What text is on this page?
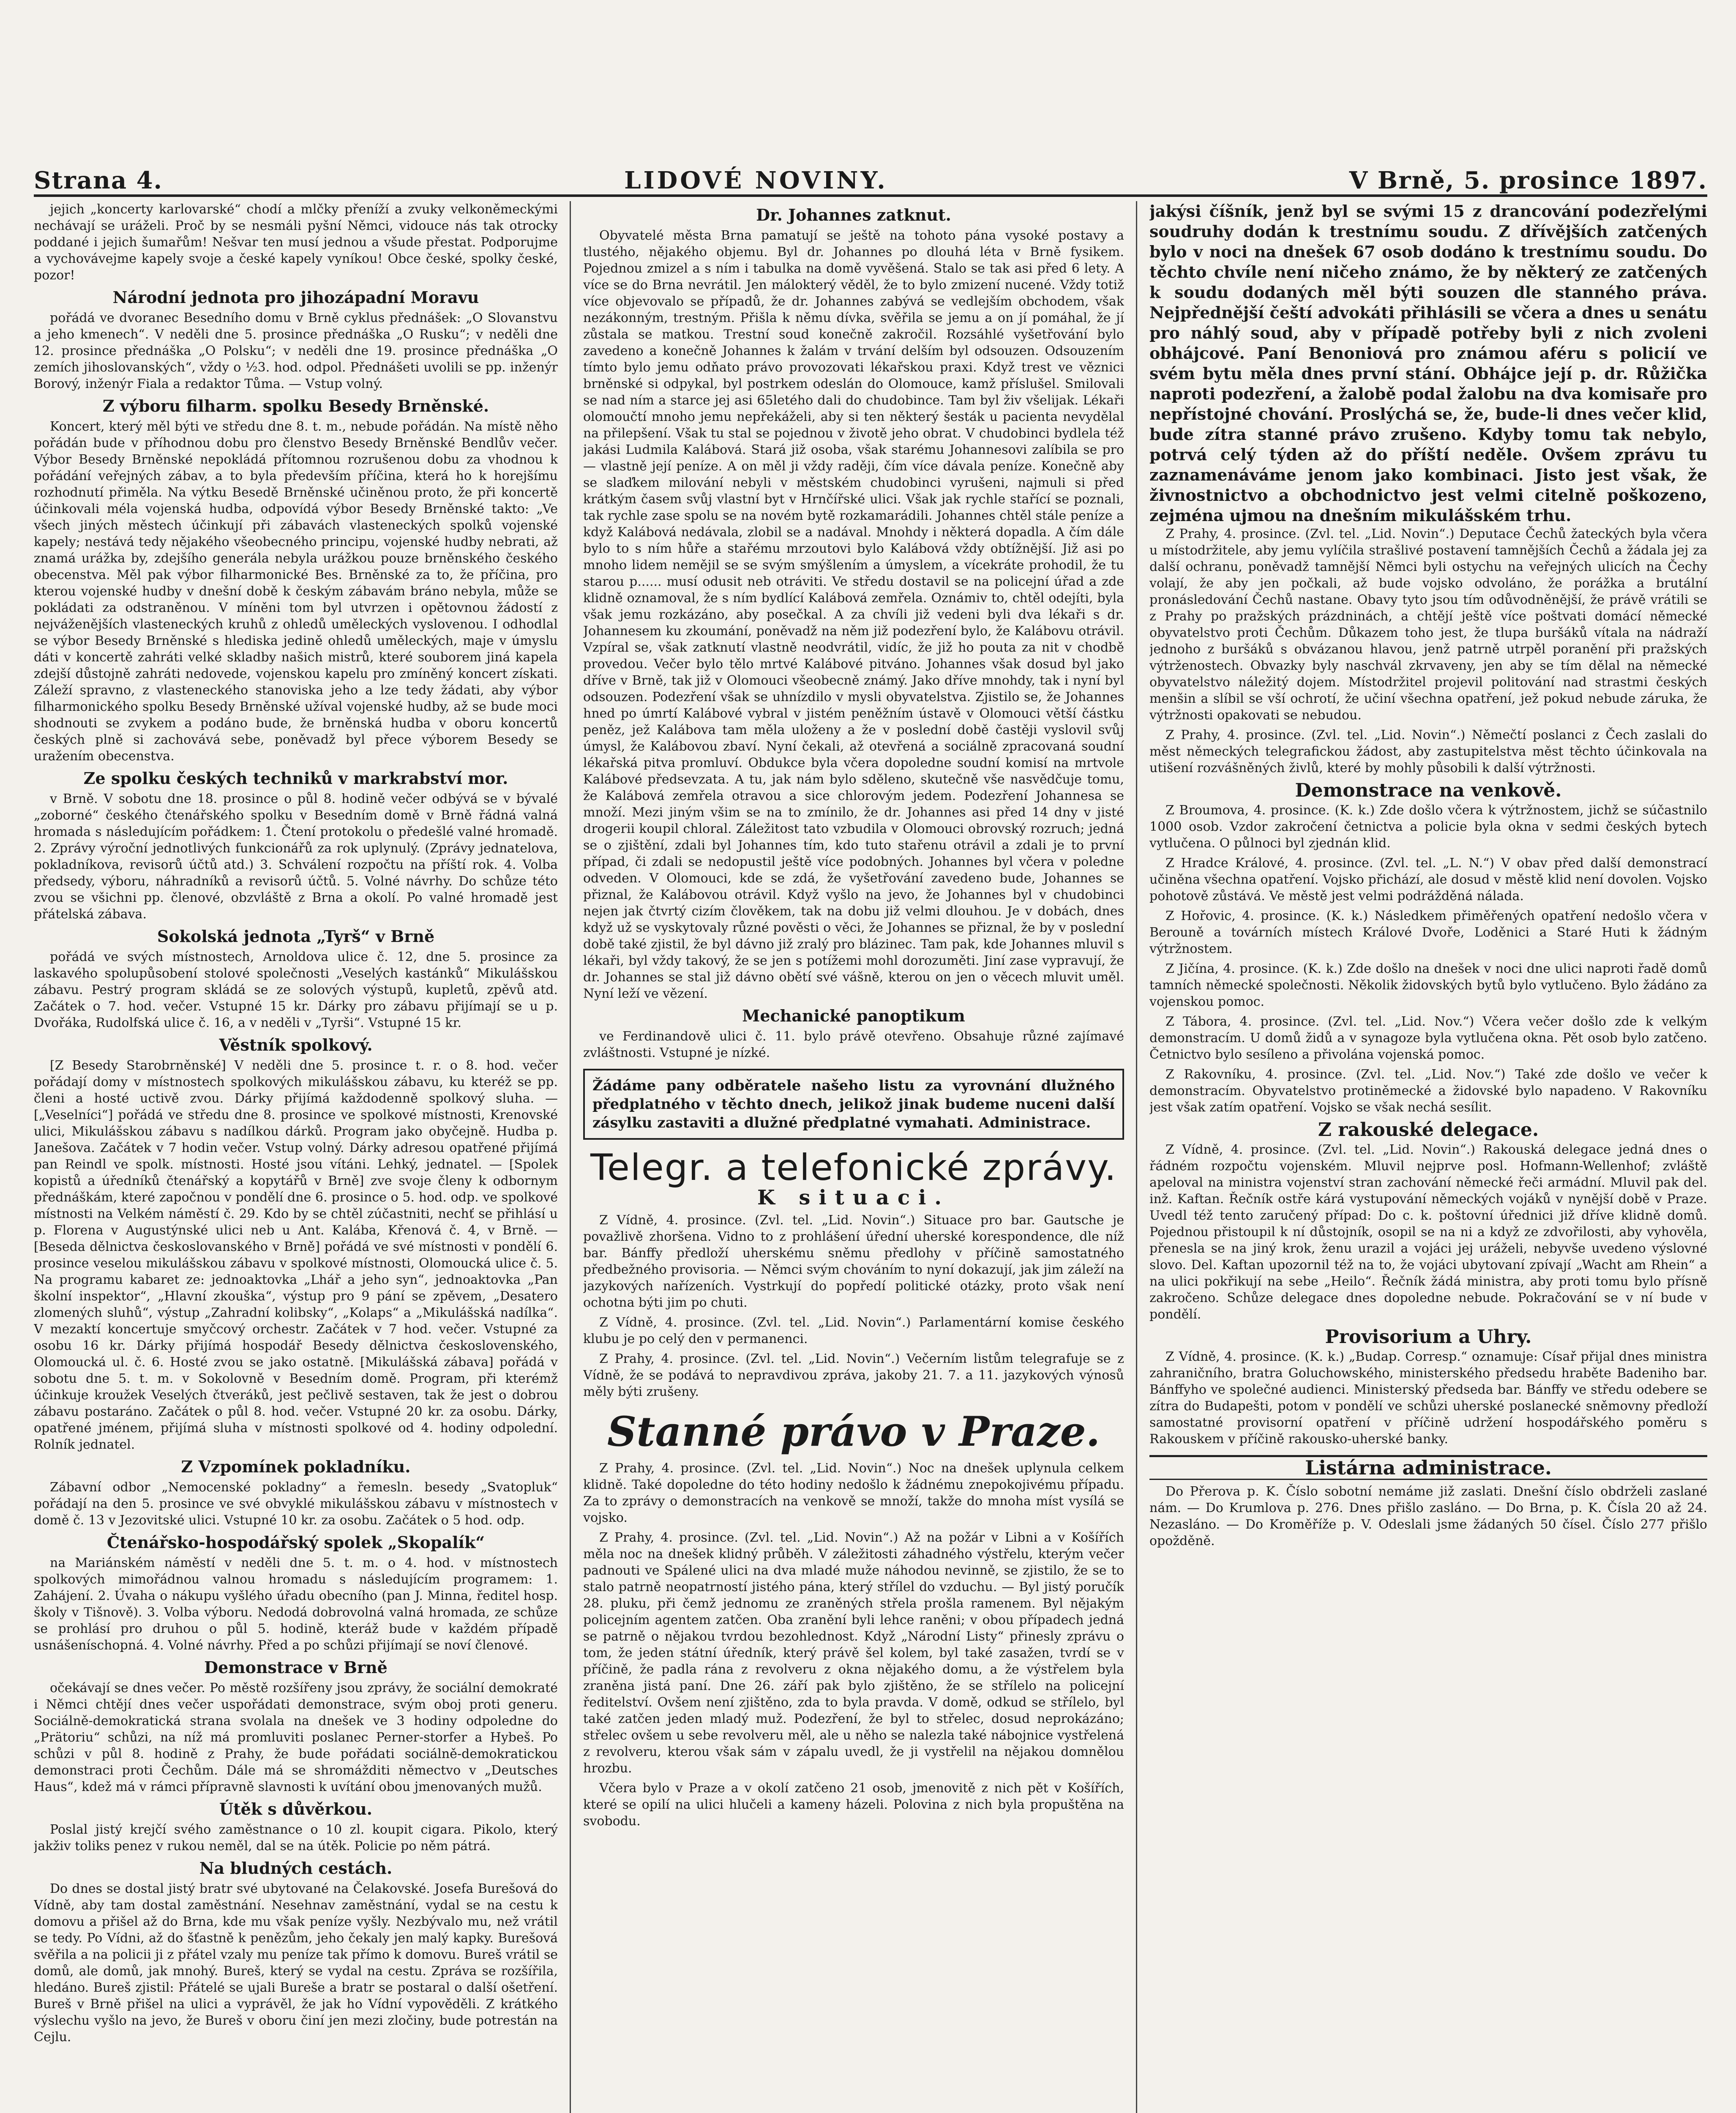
Strana 4.	LIDOVÉ NOVINY.	V Brně, 5. prosince 1897.

jejich „koncerty karlovarské“ chodí a mlčky přeníží a zvuky velkoněmeckými nechávají se uráželi. Proč by se nesmáli pyšní Němci, vidouce nás tak otrocky poddané i jejich šumařům! Nešvar ten musí jednou a všude přestat. Podporujme a vychovávejme kapely svoje a české kapely vyníkou! Obce české, spolky české, pozor!

Národní jednota pro jihozápadní Moravu

pořádá ve dvoranec Besedního domu v Brně cyklus přednášek: „O Slovanstvu a jeho kmenech“. V neděli dne 5. prosince přednáška „O Rusku“; v neděli dne 12. prosince přednáška „O Polsku“; v neděli dne 19. prosince přednáška „O zemích jihoslovanských“, vždy o ½3. hod. odpol. Přednášeti uvolili se pp. inženýr Borový, inženýr Fiala a redaktor Tůma. — Vstup volný.

Z výboru filharm. spolku Besedy Brněnské.

Koncert, který měl býti ve středu dne 8. t. m., nebude pořádán. Na místě něho pořádán bude v příhodnou dobu pro členstvo Besedy Brněnské Bendlův večer. Výbor Besedy Brněnské nepokládá přítomnou rozrušenou dobu za vhodnou k pořádání veřejných zábav, a to byla především příčina, která ho k horejšímu rozhodnutí přiměla. Na výtku Besedě Brněnské učiněnou proto, že při koncertě účinkovali méla vojenská hudba, odpovídá výbor Besedy Brněnské takto: „Ve všech jiných městech účinkují při zábavách vlasteneckých spolků vojenské kapely; nestává tedy nějakého všeobecného principu, vojenské hudby nebrati, až znamá urážka by, zdejšího generála nebyla urážkou pouze brněnského českého obecenstva. Měl pak výbor filharmonické Bes. Brněnské za to, že příčina, pro kterou vojenské hudby v dnešní době k českým zábavám bráno nebyla, může se pokládati za odstraněnou. V míněni tom byl utvrzen i opětovnou žádostí z nejváženějších vlasteneckých kruhů z ohledů uměleckých vyslovenou. I odhodlal se výbor Besedy Brněnské s hlediska jedině ohledů uměleckých, maje v úmyslu dáti v koncertě zahráti velké skladby našich mistrů, které souborem jiná kapela zdejší důstojně zahráti nedovede, vojenskou kapelu pro zmíněný koncert získati. Záleží spravno, z vlasteneckého stanoviska jeho a lze tedy žádati, aby výbor filharmonického spolku Besedy Brněnské užíval vojenské hudby, až se bude moci shodnouti se zvykem a podáno bude, že brněnská hudba v oboru koncertů českých plně si zachovává sebe, poněvadž byl přece výborem Besedy se uražením obecenstva.

Ze spolku českých techniků v markrabství mor.

v Brně. V sobotu dne 18. prosince o půl 8. hodině večer odbývá se v bývalé „zoborné“ českého čtenářského spolku v Besedním domě v Brně řádná valná hromada s následujícím pořádkem: 1. Čtení protokolu o předešlé valné hromadě. 2. Zprávy výroční jednotlivých funkcionářů za rok uplynulý. (Zprávy jednatelova, pokladníkova, revisorů účtů atd.) 3. Schválení rozpočtu na příští rok. 4. Volba předsedy, výboru, náhradníků a revisorů účtů. 5. Volné návrhy. Do schůze této zvou se všichni pp. členové, obzvláště z Brna a okolí. Po valné hromadě jest přátelská zábava.

Sokolská jednota „Tyrš“ v Brně

pořádá ve svých místnostech, Arnoldova ulice č. 12, dne 5. prosince za laskavého spolupůsobení stolové společnosti „Veselých kastánků“ Mikulášskou zábavu. Pestrý program skládá se ze solových výstupů, kupletů, zpěvů atd. Začátek o 7. hod. večer. Vstupné 15 kr. Dárky pro zábavu přijímají se u p. Dvořáka, Rudolfská ulice č. 16, a v neděli v „Tyrši“. Vstupné 15 kr.

Věstník spolkový.

[Z Besedy Starobrněnské] V neděli dne 5. prosince t. r. o 8. hod. večer pořádají domy v místnostech spolkových mikulášskou zábavu, ku kteréž se pp. členi a hosté uctivě zvou. Dárky přijímá každodenně spolkový sluha. — [„Veselníci“] pořádá ve středu dne 8. prosince ve spolkové místnosti, Krenovské ulici, Mikulášskou zábavu s nadílkou dárků. Program jako obyčejně. Hudba p. Janešova. Začátek v 7 hodin večer. Vstup volný. Dárky adresou opatřené přijímá pan Reindl ve spolk. místnosti. Hosté jsou vítáni. Lehký, jednatel. — [Spolek kopistů a úředníků čtenářský a kopytářů v Brně] zve svoje členy k odbornym přednáškám, které započnou v pondělí dne 6. prosince o 5. hod. odp. ve spolkové místnosti na Velkém náměstí č. 29. Kdo by se chtěl zúčastniti, nechť se přihlásí u p. Florena v Augustýnské ulici neb u Ant. Kalába, Křenová č. 4, v Brně. — [Beseda dělnictva českoslovanského v Brně] pořádá ve své místnosti v pondělí 6. prosince veselou mikulášskou zábavu v spolkové místnosti, Olomoucká ulice č. 5. Na programu kabaret ze: jednoaktovka „Lhář a jeho syn“, jednoaktovka „Pan školní inspektor“, „Hlavní zkouška“, výstup pro 9 pání se zpěvem, „Desatero zlomených sluhů“, výstup „Zahradní kolibsky“, „Kolaps“ a „Mikulášská nadílka“. V mezaktí koncertuje smyčcový orchestr. Začátek v 7 hod. večer. Vstupné za osobu 16 kr. Dárky přijímá hospodář Besedy dělnictva československého, Olomoucká ul. č. 6. Hosté zvou se jako ostatně. [Mikulášská zábava] pořádá v sobotu dne 5. t. m. v Sokolovně v Besedním domě. Program, při kterémž účinkuje kroužek Veselých čtveráků, jest pečlivě sestaven, tak že jest o dobrou zábavu postaráno. Začátek o půl 8. hod. večer. Vstupné 20 kr. za osobu. Dárky, opatřené jménem, přijímá sluha v místnosti spolkové od 4. hodiny odpolední. Rolník jednatel.

Z Vzpomínek pokladníku.

Zábavní odbor „Nemocenské pokladny“ a řemesln. besedy „Svatopluk“ pořádají na den 5. prosince ve své obvyklé mikulášskou zábavu v místnostech v domě č. 13 v Jezovitské ulici. Vstupné 10 kr. za osobu. Začátek o 5 hod. odp.

Čtenářsko-hospodářský spolek „Skopalík“

na Mariánském náměstí v neděli dne 5. t. m. o 4. hod. v místnostech spolkových mimořádnou valnou hromadu s následujícím programem: 1. Zahájení. 2. Úvaha o nákupu vyšlého úřadu obecního (pan J. Minna, ředitel hosp. školy v Tišnově). 3. Volba výboru. Nedodá dobrovolná valná hromada, ze schůze se prohlásí pro druhou o půl 5. hodině, kteráž bude v každém případě usnášeníschopná. 4. Volné návrhy. Před a po schůzi přijímají se noví členové.

Demonstrace v Brně

očekávají se dnes večer. Po městě rozšířeny jsou zprávy, že sociální demokraté i Němci chtějí dnes večer uspořádati demonstrace, svým oboj proti generu. Sociálně-demokratická strana svolala na dnešek ve 3 hodiny odpoledne do „Prätoriu“ schůzi, na níž má promluviti poslanec Perner-storfer a Hybeš. Po schůzi v půl 8. hodině z Prahy, že bude pořádati sociálně-demokratickou demonstraci proti Čechům. Dále má se shromážditi němectvo v „Deutsches Haus“, kdež má v rámci přípravně slavnosti k uvítání obou jmenovaných mužů.

Útěk s důvěrkou.

Poslal jistý krejčí svého zaměstnance o 10 zl. koupit cigara. Pikolo, který jakživ toliks penez v rukou neměl, dal se na útěk. Policie po něm pátrá.

Na bludných cestách.

Do dnes se dostal jistý bratr své ubytované na Čelakovské. Josefa Burešová do Vídně, aby tam dostal zaměstnání. Nesehnav zaměstnání, vydal se na cestu k domovu a přišel až do Brna, kde mu však peníze vyšly. Nezbývalo mu, než vrátil se tedy. Po Vídni, až do šťastně k penězům, jeho čekaly jen malý kapky. Burešová svěřila a na policii ji z přátel vzaly mu peníze tak přímo k domovu. Bureš vrátil se domů, ale domů, jak mnohý. Bureš, který se vydal na cestu. Zpráva se rozšířila, hledáno. Bureš zjistil: Přátelé se ujali Bureše a bratr se postaral o další ošetření. Bureš v Brně přišel na ulici a vyprávěl, že jak ho Vídní vypověděli. Z krátkého výslechu vyšlo na jevo, že Bureš v oboru činí jen mezi zločiny, bude potrestán na Cejlu.

Dr. Johannes zatknut.

Obyvatelé města Brna pamatují se ještě na tohoto pána vysoké postavy a tlustého, nějakého objemu. Byl dr. Johannes po dlouhá léta v Brně fysikem. Pojednou zmizel a s ním i tabulka na domě vyvěšená. Stalo se tak asi před 6 lety. A více se do Brna nevrátil. Jen málokterý věděl, že to bylo zmizení nucené. Vždy totiž více objevovalo se případů, že dr. Johannes zabývá se vedlejším obchodem, však nezákonným, trestným. Přišla k němu dívka, svěřila se jemu a on jí pomáhal, že jí zůstala se matkou. Trestní soud konečně zakročil. Rozsáhlé vyšetřování bylo zavedeno a konečně Johannes k žalám v trvání delším byl odsouzen. Odsouzením tímto bylo jemu odňato právo provozovati lékařskou praxi. Když trest ve věznici brněnské si odpykal, byl postrkem odeslán do Olomouce, kamž příslušel. Smilovali se nad ním a starce jej asi 65letého dali do chudobince. Tam byl živ všelijak. Lékaři olomoučtí mnoho jemu nepřekáželi, aby si ten některý šesták u pacienta nevydělal na přilepšení. Však tu stal se pojednou v životě jeho obrat. V chudobinci bydlela též jakási Ludmila Kalábová. Stará již osoba, však starému Johannesovi zalíbila se pro — vlastně její peníze. A on měl ji vždy raději, čím více dávala peníze. Konečně aby se slaďkem milování nebyli v městském chudobinci vyrušeni, najmuli si před krátkým časem svůj vlastní byt v Hrnčířské ulici. Však jak rychle stařící se poznali, tak rychle zase spolu se na novém bytě rozkamarádili. Johannes chtěl stále peníze a když Kalábová nedávala, zlobil se a nadával. Mnohdy i některá dopadla. A čím dále bylo to s ním hůře a stařému mrzoutovi bylo Kalábová vždy obtížnější. Již asi po mnoho lidem nemějil se se svým smýšlením a úmyslem, a vícekráte prohodil, že tu starou p...... musí odusit neb otráviti. Ve středu dostavil se na policejní úřad a zde klidně oznamoval, že s ním bydlící Kalábová zemřela. Oznámiv to, chtěl odejíti, byla však jemu rozkázáno, aby posečkal. A za chvíli již vedeni byli dva lékaři s dr. Johannesem ku zkoumání, poněvadž na něm již podezření bylo, že Kalábovu otrávil. Vzpíral se, však zatknutí vlastně neodvrátil, vidíc, že již ho pouta za nit v chodbě provedou. Večer bylo tělo mrtvé Kalábové pitváno. Johannes však dosud byl jako dříve v Brně, tak již v Olomouci všeobecně známý. Jako dříve mnohdy, tak i nyní byl odsouzen. Podezření však se uhnízdilo v mysli obyvatelstva. Zjistilo se, že Johannes hned po úmrtí Kalábové vybral v jistém peněžním ústavě v Olomouci větší částku peněz, jež Kalábova tam měla uloženy a že v poslední době častěji vyslovil svůj úmysl, že Kalábovou zbaví. Nyní čekali, až otevřená a sociálně zpracovaná soudní lékařská pitva promluví. Obdukce byla včera dopoledne soudní komisí na mrtvole Kalábové předsevzata. A tu, jak nám bylo sděleno, skutečně vše nasvědčuje tomu, že Kalábová zemřela otravou a sice chlorovým jedem. Podezření Johannesa se množí. Mezi jiným všim se na to zmínilo, že dr. Johannes asi před 14 dny v jisté drogerii koupil chloral. Záležitost tato vzbudila v Olomouci obrovský rozruch; jedná se o zjištění, zdali byl Johannes tím, kdo tuto stařenu otrávil a zdali je to první případ, či zdali se nedopustil ještě více podobných. Johannes byl včera v poledne odveden. V Olomouci, kde se zdá, že vyšetřování zavedeno bude, Johannes se přiznal, že Kalábovou otrávil. Když vyšlo na jevo, že Johannes byl v chudobinci nejen jak čtvrtý cizím člověkem, tak na dobu již velmi dlouhou. Je v dobách, dnes když už se vyskytovaly různé pověsti o věci, že Johannes se přiznal, že by v poslední době také zjistil, že byl dávno již zralý pro blázinec. Tam pak, kde Johannes mluvil s lékaři, byl vždy takový, že se jen s potížemi mohl dorozuměti. Jiní zase vypravují, že dr. Johannes se stal již dávno obětí své vášně, kterou on jen o věcech mluvit uměl. Nyní leží ve vězení.

Mechanické panoptikum

ve Ferdinandově ulici č. 11. bylo právě otevřeno. Obsahuje různé zajímavé zvláštnosti. Vstupné je nízké.

Žádáme pany odběratele našeho listu za vyrovnání dlužného předplatného v těchto dnech, jelikož jinak budeme nuceni další zásylku zastaviti a dlužné předplatné vymahati. Administrace.
Telegr. a telefonické zprávy.
K situaci.

Z Vídně, 4. prosince. (Zvl. tel. „Lid. Novin“.) Situace pro bar. Gautsche je považlivě zhoršena. Vidno to z prohlášení úřední uherské korespondence, dle níž bar. Bánffy předloží uherskému sněmu předlohy v příčině samostatného předbežného provisoria. — Němci svým chováním to nyní dokazují, jak jim záleží na jazykových nařízeních. Vystrkují do popředí politické otázky, proto však není ochotna býti jim po chuti.

Z Vídně, 4. prosince. (Zvl. tel. „Lid. Novin“.) Parlamentární komise českého klubu je po celý den v permanenci.

Z Prahy, 4. prosince. (Zvl. tel. „Lid. Novin“.) Večerním listům telegrafuje se z Vídně, že se podává to nepravdivou zpráva, jakoby 21. 7. a 11. jazykových výnosů měly býti zrušeny.

Stanné právo v Praze.

Z Prahy, 4. prosince. (Zvl. tel. „Lid. Novin“.) Noc na dnešek uplynula celkem klidně. Také dopoledne do této hodiny nedošlo k žádnému znepokojivému případu. Za to zprávy o demonstracích na venkově se množí, takže do mnoha míst vysílá se vojsko.

Z Prahy, 4. prosince. (Zvl. tel. „Lid. Novin“.) Až na požár v Libni a v Košířích měla noc na dnešek klidný průběh. V záležitosti záhadného výstřelu, kterým večer padnouti ve Spálené ulici na dva mladé muže náhodou nevinně, se zjistilo, že se to stalo patrně neopatrností jistého pána, který střílel do vzduchu. — Byl jistý poručík 28. pluku, při čemž jednomu ze zraněných střela prošla ramenem. Byl nějakým policejním agentem zatčen. Oba zranění byli lehce raněni; v obou případech jedná se patrně o nějakou tvrdou bezohlednost. Když „Národní Listy“ přinesly zprávu o tom, že jeden státní úředník, který právě šel kolem, byl také zasažen, tvrdí se v příčině, že padla rána z revolveru z okna nějakého domu, a že výstřelem byla zraněna jistá paní. Dne 26. září pak bylo zjištěno, že se střílelo na policejní ředitelství. Ovšem není zjištěno, zda to byla pravda. V domě, odkud se střílelo, byl také zatčen jeden mladý muž. Podezření, že byl to střelec, dosud neprokázáno; střelec ovšem u sebe revolveru měl, ale u něho se nalezla také nábojnice vystřelená z revolveru, kterou však sám v zápalu uvedl, že ji vystřelil na nějakou domnělou hrozbu.

Včera bylo v Praze a v okolí zatčeno 21 osob, jmenovitě z nich pět v Košířích, které se opilí na ulici hlučeli a kameny házeli. Polovina z nich byla propuštěna na svobodu.

jakýsi číšník, jenž byl se svými 15 z drancování podezřelými soudruhy dodán k trestnímu soudu. Z dřívějších zatčených bylo v noci na dnešek 67 osob dodáno k trestnímu soudu. Do těchto chvíle není ničeho známo, že by některý ze zatčených k soudu dodaných měl býti souzen dle stanného práva. Nejpřednější čeští advokáti přihlásili se včera a dnes u senátu pro náhlý soud, aby v případě potřeby byli z nich zvoleni obhájcové. Paní Benoniová pro známou aféru s policií ve svém bytu měla dnes první stání. Obhájce její p. dr. Růžička naproti podezření, a žalobě podal žalobu na dva komisaře pro nepřístojné chování. Proslýchá se, že, bude-li dnes večer klid, bude zítra stanné právo zrušeno. Kdyby tomu tak nebylo, potrvá celý týden až do příští neděle. Ovšem zprávu tu zaznamenáváme jenom jako kombinaci. Jisto jest však, že živnostnictvo a obchodnictvo jest velmi citelně poškozeno, zejména ujmou na dnešním mikulášském trhu.

Z Prahy, 4. prosince. (Zvl. tel. „Lid. Novin“.) Deputace Čechů žateckých byla včera u místodržitele, aby jemu vylíčila strašlivé postavení tamnějších Čechů a žádala jej za další ochranu, poněvadž tamnější Němci byli ostychu na veřejných ulicích na Čechy volají, že aby jen počkali, až bude vojsko odvoláno, že porážka a brutální pronásledování Čechů nastane. Obavy tyto jsou tím odůvodněnější, že právě vrátili se z Prahy po pražských prázdninách, a chtějí ještě více poštvati domácí německé obyvatelstvo proti Čechům. Důkazem toho jest, že tlupa buršáků vítala na nádraží jednoho z buršáků s obvázanou hlavou, jenž patrně utrpěl poranění při pražských výtrženostech. Obvazky byly naschvál zkrvaveny, jen aby se tím dělal na německé obyvatelstvo náležitý dojem. Místodržitel projevil politování nad strastmi českých menšin a slíbil se vší ochrotí, že učiní všechna opatření, jež pokud nebude záruka, že výtržnosti opakovati se nebudou.

Z Prahy, 4. prosince. (Zvl. tel. „Lid. Novin“.) Němečtí poslanci z Čech zaslali do měst německých telegrafickou žádost, aby zastupitelstva měst těchto účinkovala na utišení rozvášněných živlů, které by mohly působili k další výtržnosti.

Demonstrace na venkově.

Z Broumova, 4. prosince. (K. k.) Zde došlo včera k výtržnostem, jichž se súčastnilo 1000 osob. Vzdor zakročení četnictva a policie byla okna v sedmi českých bytech vytlučena. O půlnoci byl zjednán klid.

Z Hradce Králové, 4. prosince. (Zvl. tel. „L. N.“) V obav před další demonstrací učiněna všechna opatření. Vojsko přichází, ale dosud v městě klid není dovolen. Vojsko pohotově zůstává. Ve městě jest velmi podrážděná nálada.

Z Hořovic, 4. prosince. (K. k.) Následkem přiměřených opatření nedošlo včera v Berouně a továrních místech Králové Dvoře, Loděnici a Staré Huti k žádným výtržnostem.

Z Jičína, 4. prosince. (K. k.) Zde došlo na dnešek v noci dne ulici naproti řadě domů tamních německé společnosti. Několik židovských bytů bylo vytlučeno. Bylo žádáno za vojenskou pomoc.

Z Tábora, 4. prosince. (Zvl. tel. „Lid. Nov.“) Včera večer došlo zde k velkým demonstracím. U domů židů a v synagoze byla vytlučena okna. Pět osob bylo zatčeno. Četnictvo bylo sesíleno a přivolána vojenská pomoc.

Z Rakovníku, 4. prosince. (Zvl. tel. „Lid. Nov.“) Také zde došlo ve večer k demonstracím. Obyvatelstvo protiněmecké a židovské bylo napadeno. V Rakovníku jest však zatím opatření. Vojsko se však nechá sesílit.

Z rakouské delegace.

Z Vídně, 4. prosince. (Zvl. tel. „Lid. Novin“.) Rakouská delegace jedná dnes o řádném rozpočtu vojenském. Mluvil nejprve posl. Hofmann-Wellenhof; zvláště apeloval na ministra vojenství stran zachování německé řeči armádní. Mluvil pak del. inž. Kaftan. Řečník ostře kárá vystupování německých vojáků v nynější době v Praze. Uvedl též tento zaručený případ: Do c. k. poštovní úřednici již dříve klidně domů. Pojednou přistoupil k ní důstojník, osopil se na ni a když ze zdvořilosti, aby vyhověla, přenesla se na jiný krok, ženu urazil a vojáci jej uráželi, nebyvše uvedeno výslovné slovo. Del. Kaftan upozornil též na to, že vojáci ubytovaní zpívají „Wacht am Rhein“ a na ulici pokřikují na sebe „Heilo“. Řečník žádá ministra, aby proti tomu bylo přísně zakročeno. Schůze delegace dnes dopoledne nebude. Pokračování se v ní bude v pondělí.

Provisorium a Uhry.

Z Vídně, 4. prosince. (K. k.) „Budap. Corresp.“ oznamuje: Císař přijal dnes ministra zahraničního, bratra Goluchowského, ministerského předsedu hraběte Badeniho bar. Bánffyho ve společné audienci. Ministerský předseda bar. Bánffy ve středu odebere se zítra do Budapešti, potom v pondělí ve schůzi uherské poslanecké sněmovny předloží samostatné provisorní opatření v příčině udržení hospodářského poměru s Rakouskem v příčině rakousko-uherské banky.

Listárna administrace.

Do Přerova p. K. Číslo sobotní nemáme již zaslati. Dnešní číslo obdrželi zaslané nám. — Do Krumlova p. 276. Dnes přišlo zasláno. — Do Brna, p. K. Čísla 20 až 24. Nezasláno. — Do Kroměříže p. V. Odeslali jsme žádaných 50 čísel. Číslo 277 přišlo opožděně.
